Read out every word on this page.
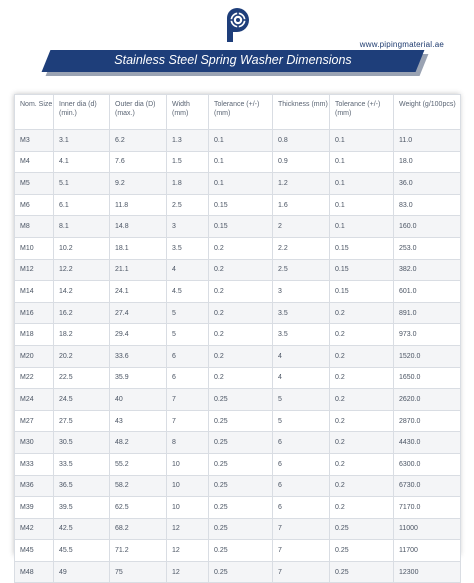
www.pipingmaterial.ae
Stainless Steel Spring Washer Dimensions
Nom. Size	Inner dia (d) (min.)	Outer dia (D) (max.)	Width (mm)	Tolerance (+/-) (mm)	Thickness (mm)	Tolerance (+/-) (mm)	Weight (g/100pcs)
M3	3.1	6.2	1.3	0.1	0.8	0.1	11.0
M4	4.1	7.6	1.5	0.1	0.9	0.1	18.0
M5	5.1	9.2	1.8	0.1	1.2	0.1	36.0
M6	6.1	11.8	2.5	0.15	1.6	0.1	83.0
M8	8.1	14.8	3	0.15	2	0.1	160.0
M10	10.2	18.1	3.5	0.2	2.2	0.15	253.0
M12	12.2	21.1	4	0.2	2.5	0.15	382.0
M14	14.2	24.1	4.5	0.2	3	0.15	601.0
M16	16.2	27.4	5	0.2	3.5	0.2	891.0
M18	18.2	29.4	5	0.2	3.5	0.2	973.0
M20	20.2	33.6	6	0.2	4	0.2	1520.0
M22	22.5	35.9	6	0.2	4	0.2	1650.0
M24	24.5	40	7	0.25	5	0.2	2620.0
M27	27.5	43	7	0.25	5	0.2	2870.0
M30	30.5	48.2	8	0.25	6	0.2	4430.0
M33	33.5	55.2	10	0.25	6	0.2	6300.0
M36	36.5	58.2	10	0.25	6	0.2	6730.0
M39	39.5	62.5	10	0.25	6	0.2	7170.0
M42	42.5	68.2	12	0.25	7	0.25	11000
M45	45.5	71.2	12	0.25	7	0.25	11700
M48	49	75	12	0.25	7	0.25	12300
